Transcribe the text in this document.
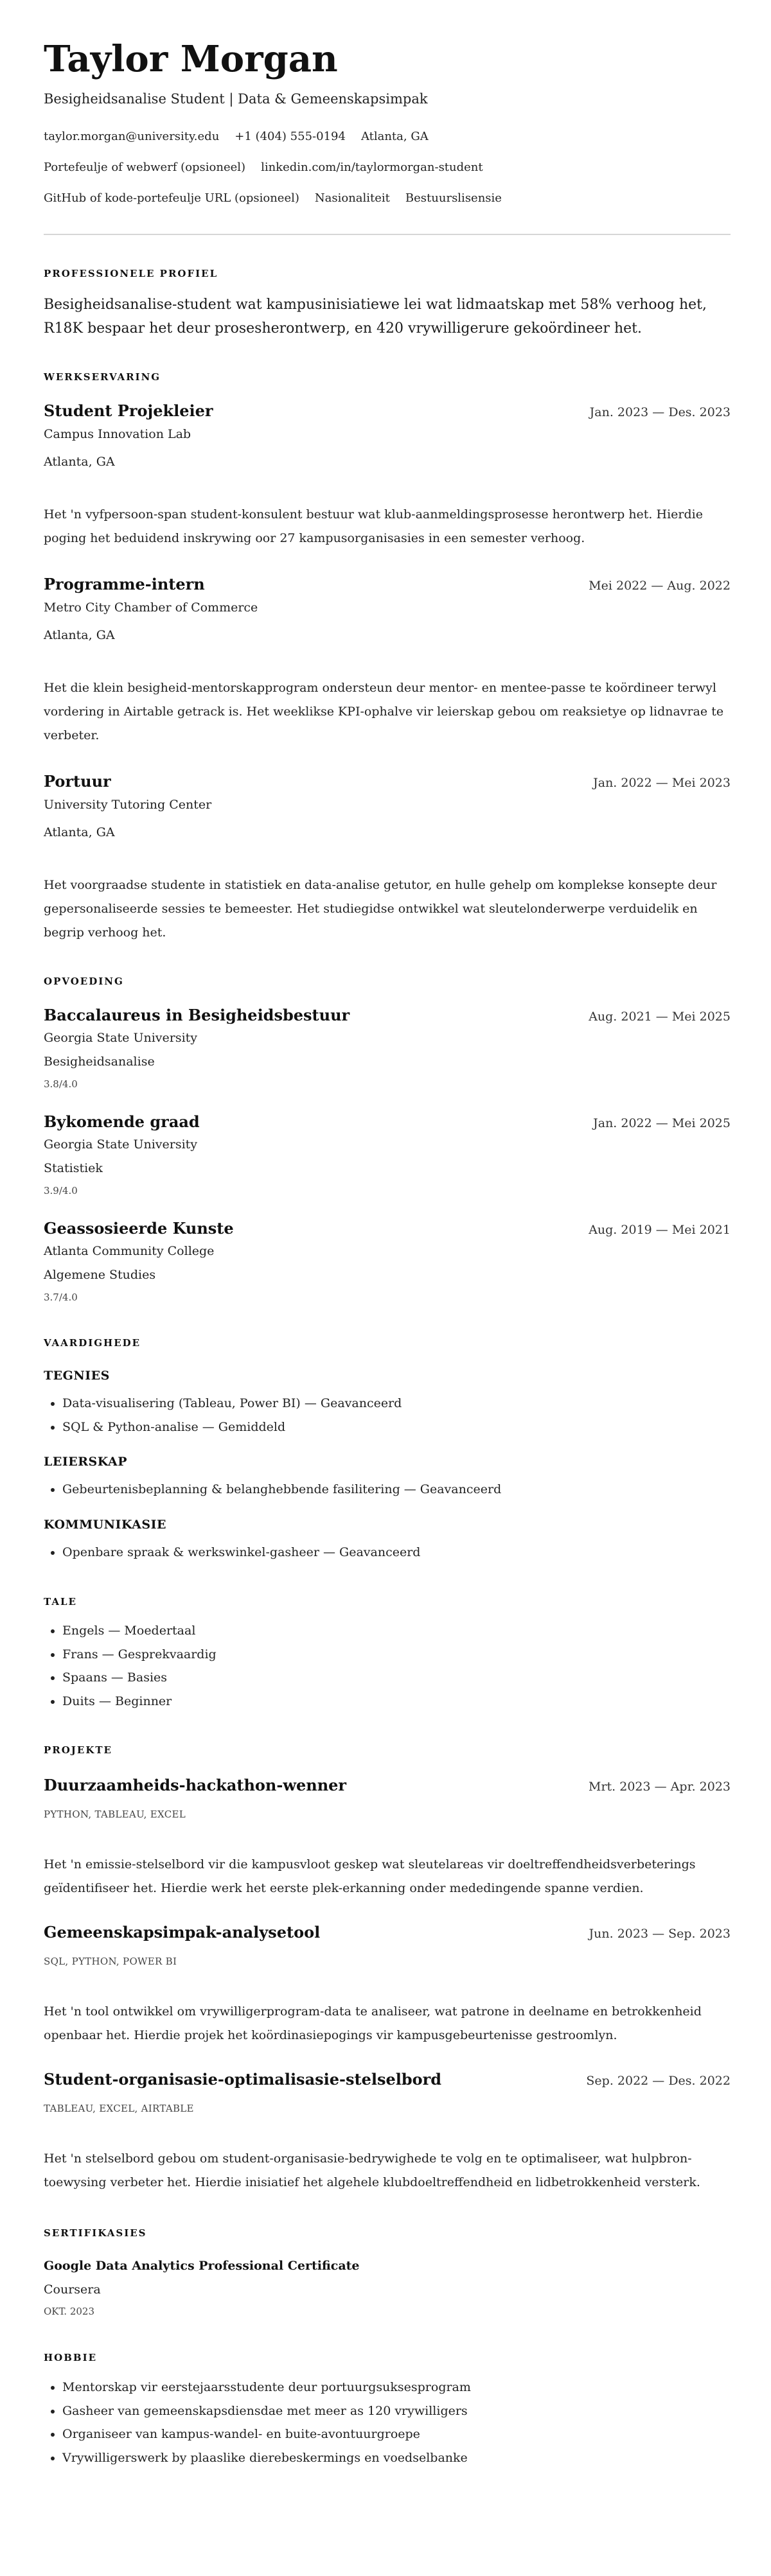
Taylor Morgan
Besigheidsanalise Student | Data & Gemeenskapsimpak
taylor.morgan@university.edu +1 (404) 555-0194 Atlanta, GA
Portefeulje of webwerf (opsioneel) linkedin.com/in/taylormorgan-student
GitHub of kode-portefeulje URL (opsioneel) Nasionaliteit Bestuurslisensie
PROFESSIONELE PROFIEL

Besigheidsanalise-student wat kampusinisiatiewe lei wat lidmaatskap met 58% verhoog het, R18K bespaar het deur prosesherontwerp, en 420 vrywilligerure gekoördineer het.

WERKSERVARING
Student Projekleier	Jan. 2023 — Des. 2023
Campus Innovation Lab
Atlanta, GA

Het 'n vyfpersoon-span student-konsulent bestuur wat klub-aanmeldingsprosesse herontwerp het. Hierdie poging het beduidend inskrywing oor 27 kampusorganisasies in een semester verhoog.

Programme-intern	Mei 2022 — Aug. 2022
Metro City Chamber of Commerce
Atlanta, GA

Het die klein besigheid-mentorskapprogram ondersteun deur mentor- en mentee-passe te koördineer terwyl vordering in Airtable getrack is. Het weeklikse KPI-ophalve vir leierskap gebou om reaksietye op lidnavrae te verbeter.

Portuur	Jan. 2022 — Mei 2023
University Tutoring Center
Atlanta, GA

Het voorgraadse studente in statistiek en data-analise getutor, en hulle gehelp om komplekse konsepte deur gepersonaliseerde sessies te bemeester. Het studiegidse ontwikkel wat sleutelonderwerpe verduidelik en begrip verhoog het.

OPVOEDING
Baccalaureus in Besigheidsbestuur	Aug. 2021 — Mei 2025
Georgia State University
Besigheidsanalise
3.8/4.0
Bykomende graad	Jan. 2022 — Mei 2025
Georgia State University
Statistiek
3.9/4.0
Geassosieerde Kunste	Aug. 2019 — Mei 2021
Atlanta Community College
Algemene Studies
3.7/4.0
VAARDIGHEDE
TEGNIES
• Data-visualisering (Tableau, Power BI) — Geavanceerd
• SQL & Python-analise — Gemiddeld
LEIERSKAP
• Gebeurtenisbeplanning & belanghebbende fasilitering — Geavanceerd
KOMMUNIKASIE
• Openbare spraak & werkswinkel-gasheer — Geavanceerd
TALE
• Engels — Moedertaal
• Frans — Gesprekvaardig
• Spaans — Basies
• Duits — Beginner
PROJEKTE
Duurzaamheids-hackathon-wenner	Mrt. 2023 — Apr. 2023
PYTHON, TABLEAU, EXCEL

Het 'n emissie-stelselbord vir die kampusvloot geskep wat sleutelareas vir doeltreffendheidsverbeterings geïdentifiseer het. Hierdie werk het eerste plek-erkanning onder mededingende spanne verdien.

Gemeenskapsimpak-analysetool	Jun. 2023 — Sep. 2023
SQL, PYTHON, POWER BI

Het 'n tool ontwikkel om vrywilligerprogram-data te analiseer, wat patrone in deelname en betrokkenheid openbaar het. Hierdie projek het koördinasiepogings vir kampusgebeurtenisse gestroomlyn.

Student-organisasie-optimalisasie-stelselbord	Sep. 2022 — Des. 2022
TABLEAU, EXCEL, AIRTABLE

Het 'n stelselbord gebou om student-organisasie-bedrywighede te volg en te optimaliseer, wat hulpbron-toewysing verbeter het. Hierdie inisiatief het algehele klubdoeltreffendheid en lidbetrokkenheid versterk.

SERTIFIKASIES
Google Data Analytics Professional Certificate
Coursera
OKT. 2023
HOBBIE
• Mentorskap vir eerstejaarsstudente deur portuurgsuksesprogram
• Gasheer van gemeenskapsdiensdae met meer as 120 vrywilligers
• Organiseer van kampus-wandel- en buite-avontuurgroepe
• Vrywilligerswerk by plaaslike dierebeskermings en voedselbanke
